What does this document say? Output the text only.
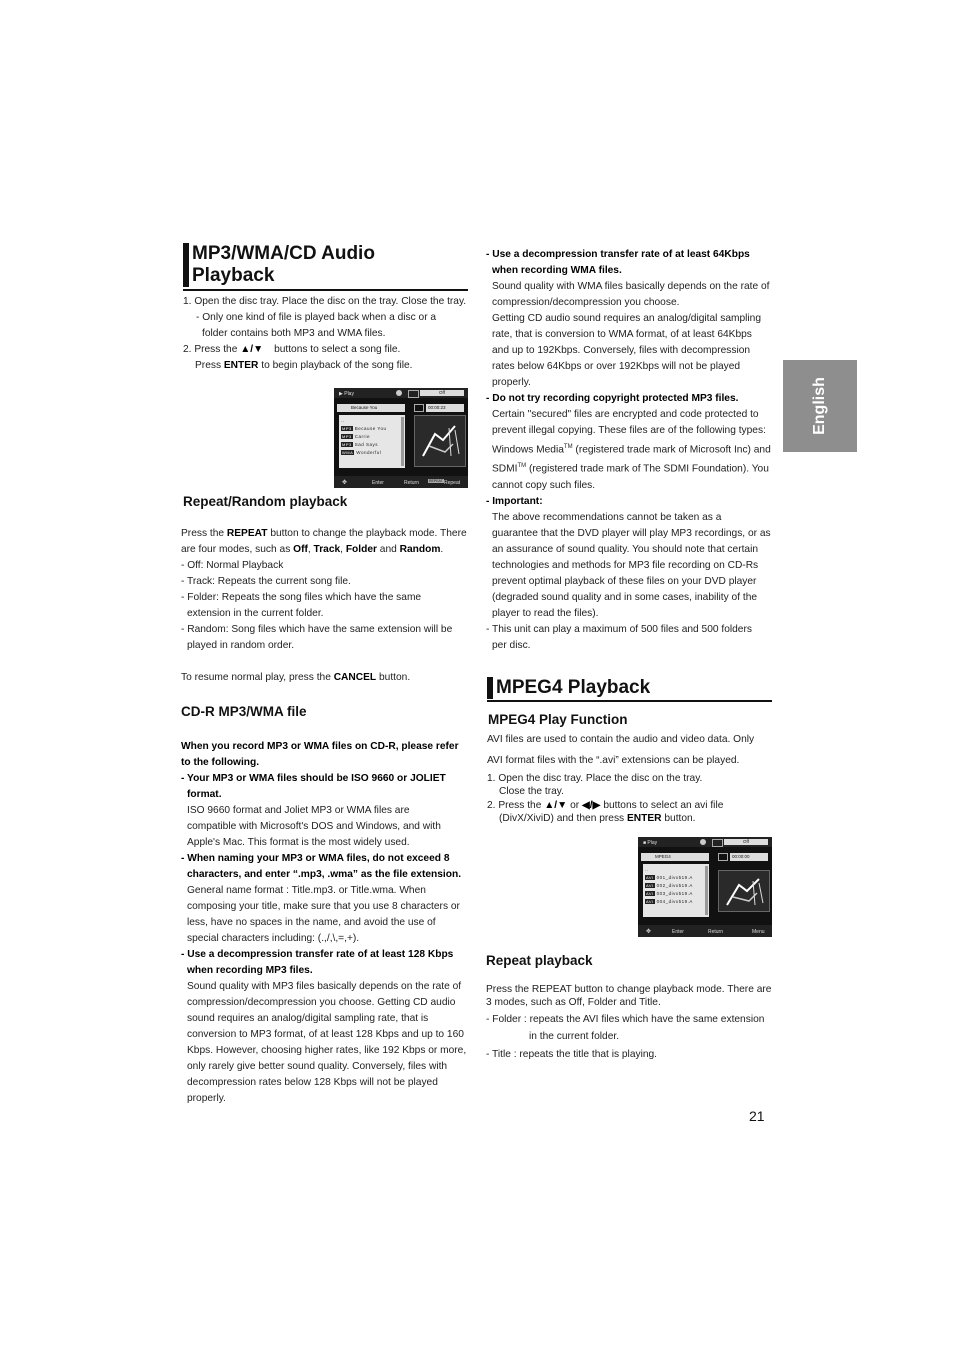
English
MP3/WMA/CD Audio
Playback
1. Open the disc tray. Place the disc on the tray. Close the tray.
- Only one kind of file is played back when a disc or a
folder contains both MP3 and WMA files.
2. Press the ▲/▼ buttons to select a song file.
Press ENTER to begin playback of the song file.
▶ Play	Off
Because You	00:00:23
..
MP3 Because You
MP3 Carrie
MP3 Sad Says
WMA Wonderful
✥	Enter	Return	REPEAT Repeat
Repeat/Random playback
Press the REPEAT button to change the playback mode. There
are four modes, such as Off, Track, Folder and Random.
- Off: Normal Playback
- Track: Repeats the current song file.
- Folder: Repeats the song files which have the same
extension in the current folder.
- Random: Song files which have the same extension will be
played in random order.
To resume normal play, press the CANCEL button.
CD-R MP3/WMA file
When you record MP3 or WMA files on CD-R, please refer
to the following.
- Your MP3 or WMA files should be ISO 9660 or JOLIET
format.
ISO 9660 format and Joliet MP3 or WMA files are
compatible with Microsoft's DOS and Windows, and with
Apple's Mac. This format is the most widely used.
- When naming your MP3 or WMA files, do not exceed 8
characters, and enter “.mp3, .wma” as the file extension.
General name format : Title.mp3. or Title.wma. When
composing your title, make sure that you use 8 characters or
less, have no spaces in the name, and avoid the use of
special characters including: (.,/,\,=,+).
- Use a decompression transfer rate of at least 128 Kbps
when recording MP3 files.
Sound quality with MP3 files basically depends on the rate of
compression/decompression you choose. Getting CD audio
sound requires an analog/digital sampling rate, that is
conversion to MP3 format, of at least 128 Kbps and up to 160
Kbps. However, choosing higher rates, like 192 Kbps or more,
only rarely give better sound quality. Conversely, files with
decompression rates below 128 Kbps will not be played
properly.
- Use a decompression transfer rate of at least 64Kbps
when recording WMA files.
Sound quality with WMA files basically depends on the rate of
compression/decompression you choose.
Getting CD audio sound requires an analog/digital sampling
rate, that is conversion to WMA format, of at least 64Kbps
and up to 192Kbps. Conversely, files with decompression
rates below 64Kbps or over 192Kbps will not be played
properly.
- Do not try recording copyright protected MP3 files.
Certain "secured" files are encrypted and code protected to
prevent illegal copying. These files are of the following types:
Windows Media™ (registered trade mark of Microsoft Inc) and
SDMI™ (registered trade mark of The SDMI Foundation). You
cannot copy such files.
- Important:
The above recommendations cannot be taken as a
guarantee that the DVD player will play MP3 recordings, or as
an assurance of sound quality. You should note that certain
technologies and methods for MP3 file recording on CD-Rs
prevent optimal playback of these files on your DVD player
(degraded sound quality and in some cases, inability of the
player to read the files).
- This unit can play a maximum of 500 files and 500 folders
per disc.
MPEG4 Playback
MPEG4 Play Function
AVI files are used to contain the audio and video data. Only
AVI format files with the “.avi” extensions can be played.
1. Open the disc tray. Place the disc on the tray.
Close the tray.
2. Press the ▲/▼ or ◀/▶ buttons to select an avi file
(DivX/XiviD) and then press ENTER button.
■ Play	Off
MPEG4	00:00:00
..
AVI 001_divx519.A
AVI 002_divx519.A
AVI 003_divx519.A
AVI 004_divx519.A
✥	Enter	Return	Menu
Repeat playback
Press the REPEAT button to change playback mode. There are
3 modes, such as Off, Folder and Title.
- Folder : repeats the AVI files which have the same extension
in the current folder.
- Title : repeats the title that is playing.
21
